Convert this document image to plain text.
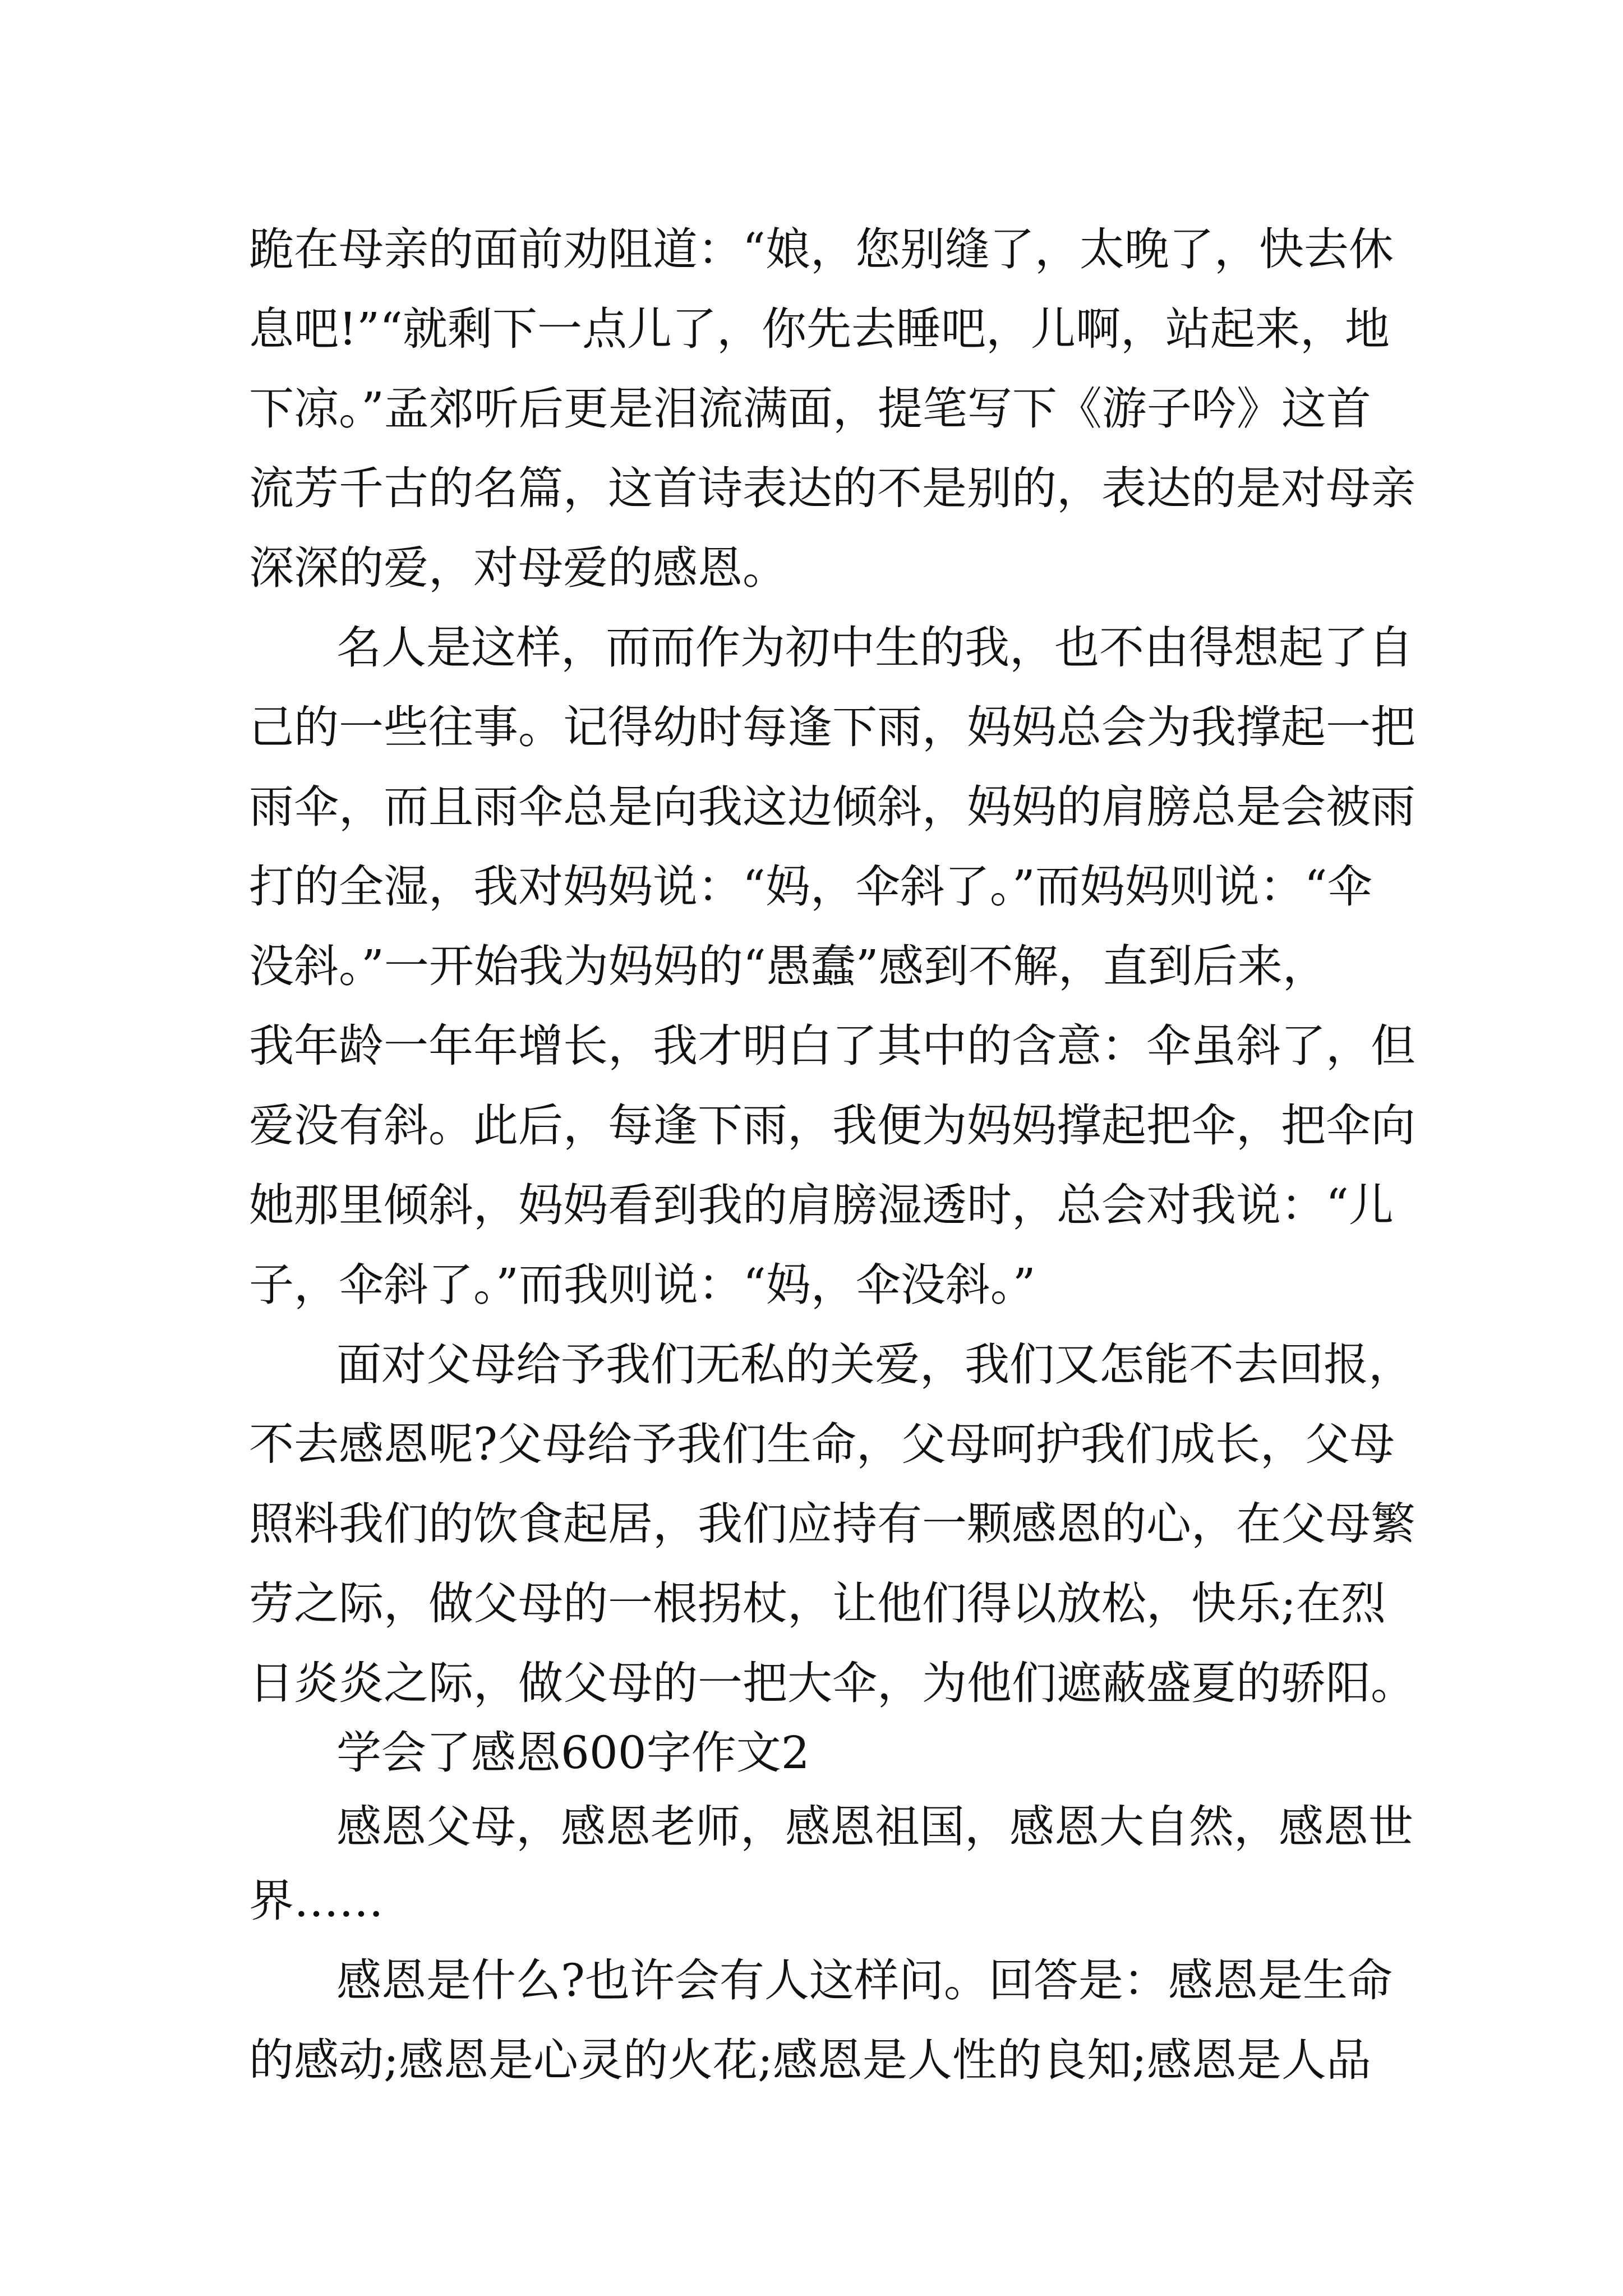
跪在母亲的面前劝阻道：“娘，您别缝了，太晚了，快去休
息吧!”“就剩下一点儿了，你先去睡吧，儿啊，站起来，地
下凉。”孟郊听后更是泪流满面，提笔写下《游子吟》这首
流芳千古的名篇，这首诗表达的不是别的，表达的是对母亲
深深的爱，对母爱的感恩。
名人是这样，而而作为初中生的我，也不由得想起了自
己的一些往事。记得幼时每逢下雨，妈妈总会为我撑起一把
雨伞，而且雨伞总是向我这边倾斜，妈妈的肩膀总是会被雨
打的全湿，我对妈妈说：“妈，伞斜了。”而妈妈则说：“伞
没斜。”一开始我为妈妈的“愚蠢”感到不解，直到后来，
我年龄一年年增长，我才明白了其中的含意：伞虽斜了，但
爱没有斜。此后，每逢下雨，我便为妈妈撑起把伞，把伞向
她那里倾斜，妈妈看到我的肩膀湿透时，总会对我说：“儿
子，伞斜了。”而我则说：“妈，伞没斜。”
面对父母给予我们无私的关爱，我们又怎能不去回报，
不去感恩呢?父母给予我们生命，父母呵护我们成长，父母
照料我们的饮食起居，我们应持有一颗感恩的心，在父母繁
劳之际，做父母的一根拐杖，让他们得以放松，快乐;在烈
日炎炎之际，做父母的一把大伞，为他们遮蔽盛夏的骄阳。
学会了感恩600字作文2
感恩父母，感恩老师，感恩祖国，感恩大自然，感恩世
界……
感恩是什么?也许会有人这样问。回答是：感恩是生命
的感动;感恩是心灵的火花;感恩是人性的良知;感恩是人品
